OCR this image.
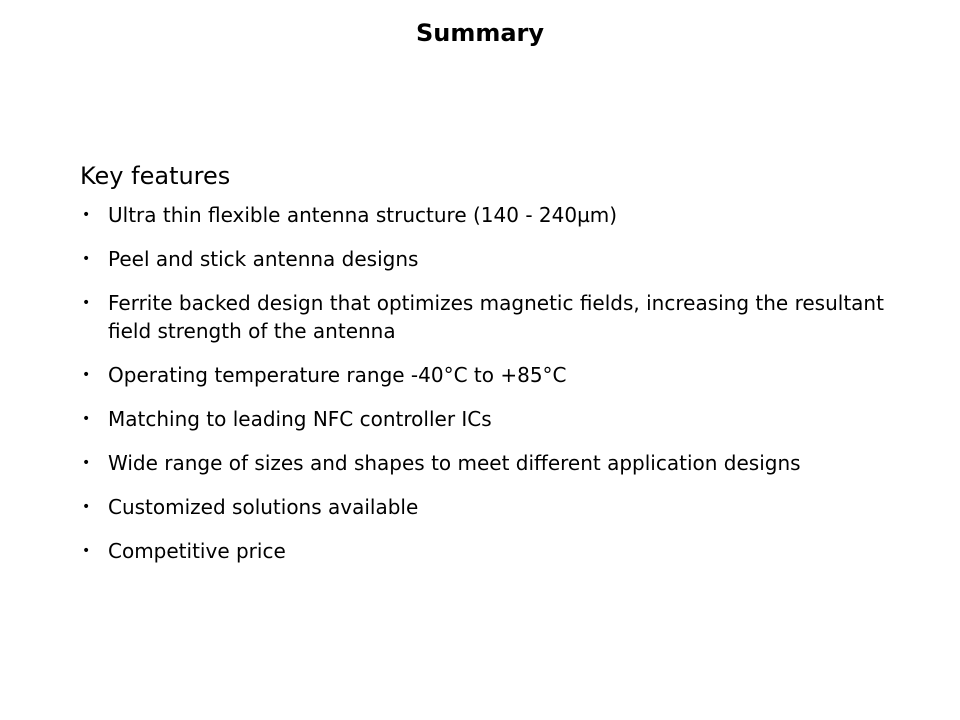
Summary
Key features
• Ultra thin flexible antenna structure (140 - 240µm)
• Peel and stick antenna designs
• Ferrite backed design that optimizes magnetic fields, increasing the resultant field strength of the antenna
• Operating temperature range -40°C to +85°C
• Matching to leading NFC controller ICs
• Wide range of sizes and shapes to meet different application designs
• Customized solutions available
• Competitive price
